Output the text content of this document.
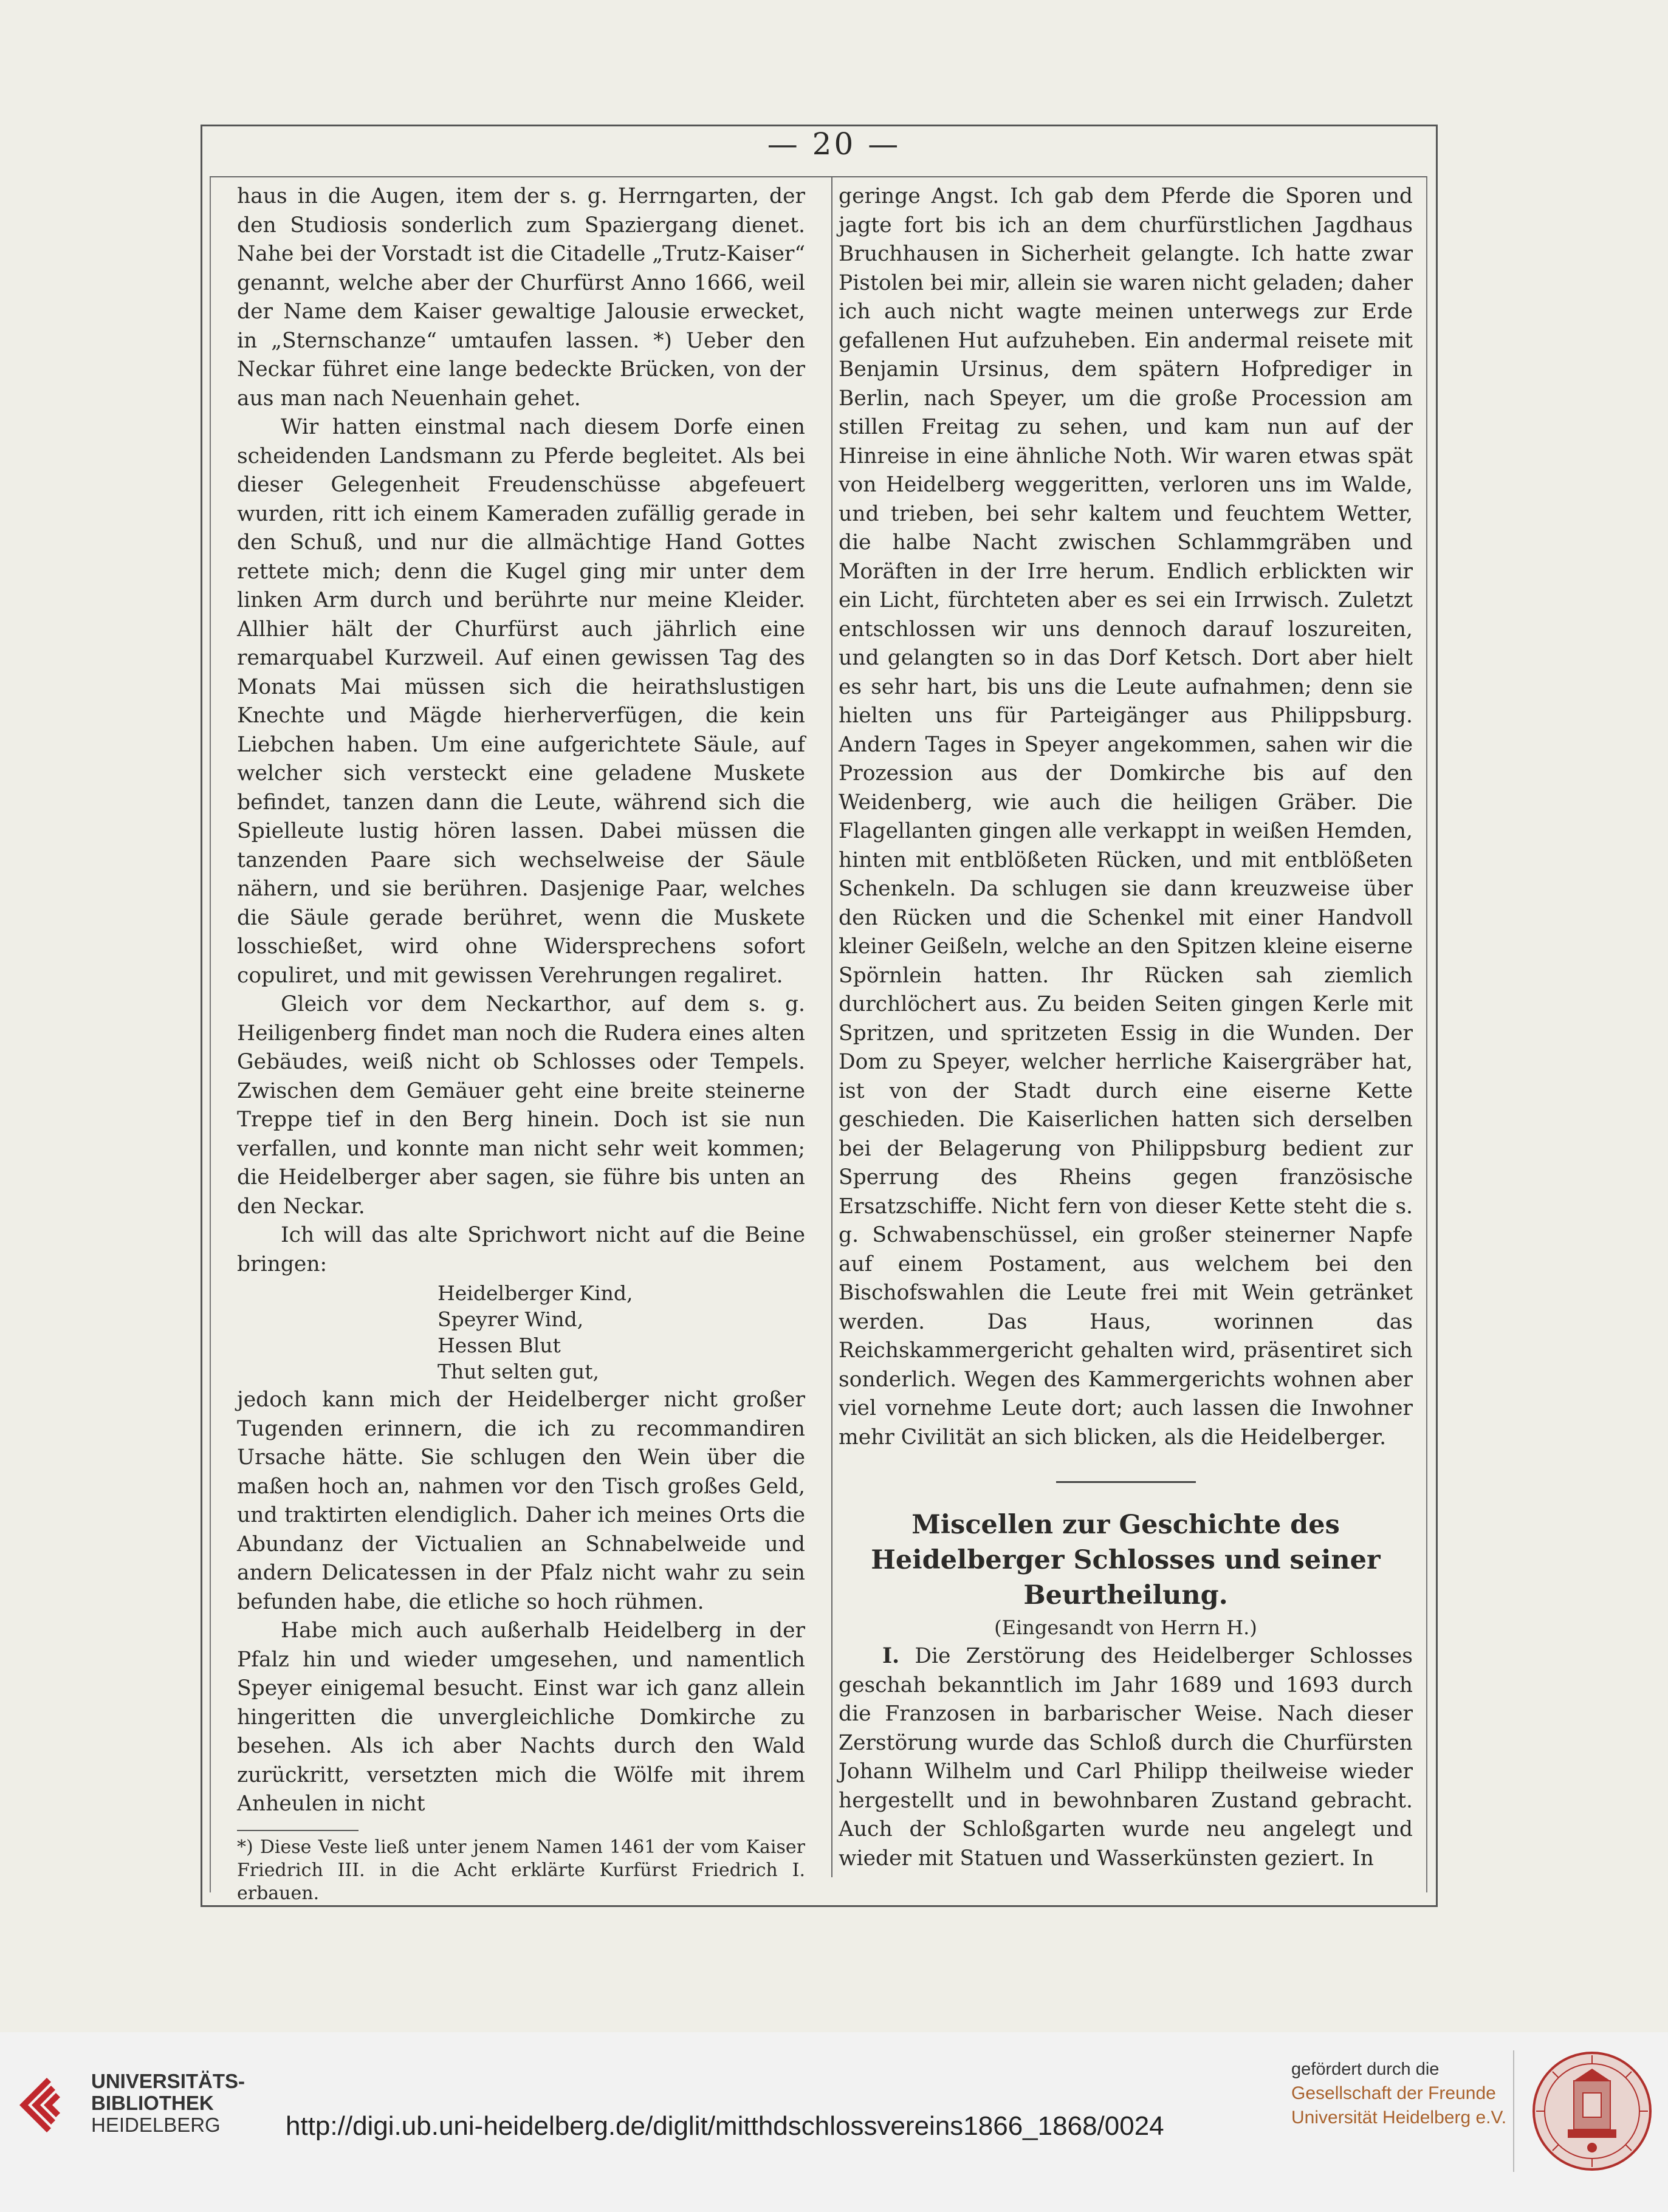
— 20 —

haus in die Augen, item der s. g. Herrngarten, der den Studiosis sonderlich zum Spaziergang dienet. Nahe bei der Vorstadt ist die Citadelle „Trutz-Kaiser“ genannt, welche aber der Churfürst Anno 1666, weil der Name dem Kaiser gewaltige Jalousie erwecket, in „Sternschanze“ umtaufen lassen. *) Ueber den Neckar führet eine lange bedeckte Brücken, von der aus man nach Neuenhain gehet.

Wir hatten einstmal nach diesem Dorfe einen scheidenden Landsmann zu Pferde begleitet. Als bei dieser Gelegenheit Freudenschüsse abgefeuert wurden, ritt ich einem Kameraden zufällig gerade in den Schuß, und nur die allmächtige Hand Gottes rettete mich; denn die Kugel ging mir unter dem linken Arm durch und berührte nur meine Kleider. Allhier hält der Churfürst auch jährlich eine remarquabel Kurzweil. Auf einen gewissen Tag des Monats Mai müssen sich die heirathslustigen Knechte und Mägde hierherverfügen, die kein Liebchen haben. Um eine aufgerichtete Säule, auf welcher sich versteckt eine geladene Muskete befindet, tanzen dann die Leute, während sich die Spielleute lustig hören lassen. Dabei müssen die tanzenden Paare sich wechselweise der Säule nähern, und sie berühren. Dasjenige Paar, welches die Säule gerade berühret, wenn die Muskete losschießet, wird ohne Widersprechens sofort copuliret, und mit gewissen Verehrungen regaliret.

Gleich vor dem Neckarthor, auf dem s. g. Heiligenberg findet man noch die Rudera eines alten Gebäudes, weiß nicht ob Schlosses oder Tempels. Zwischen dem Gemäuer geht eine breite steinerne Treppe tief in den Berg hinein. Doch ist sie nun verfallen, und konnte man nicht sehr weit kommen; die Heidelberger aber sagen, sie führe bis unten an den Neckar.

Ich will das alte Sprichwort nicht auf die Beine bringen:

Heidelberger Kind,
Speyrer Wind,
Hessen Blut
Thut selten gut,

jedoch kann mich der Heidelberger nicht großer Tugenden erinnern, die ich zu recommandiren Ursache hätte. Sie schlugen den Wein über die maßen hoch an, nahmen vor den Tisch großes Geld, und traktirten elendiglich. Daher ich meines Orts die Abundanz der Victualien an Schnabelweide und andern Delicatessen in der Pfalz nicht wahr zu sein befunden habe, die etliche so hoch rühmen.

Habe mich auch außerhalb Heidelberg in der Pfalz hin und wieder umgesehen, und namentlich Speyer einigemal besucht. Einst war ich ganz allein hingeritten die unvergleichliche Domkirche zu besehen. Als ich aber Nachts durch den Wald zurückritt, versetzten mich die Wölfe mit ihrem Anheulen in nicht

*) Diese Veste ließ unter jenem Namen 1461 der vom Kaiser Friedrich III. in die Acht erklärte Kurfürst Friedrich I. erbauen.

geringe Angst. Ich gab dem Pferde die Sporen und jagte fort bis ich an dem churfürstlichen Jagdhaus Bruchhausen in Sicherheit gelangte. Ich hatte zwar Pistolen bei mir, allein sie waren nicht geladen; daher ich auch nicht wagte meinen unterwegs zur Erde gefallenen Hut aufzuheben. Ein andermal reisete mit Benjamin Ursinus, dem spätern Hofprediger in Berlin, nach Speyer, um die große Procession am stillen Freitag zu sehen, und kam nun auf der Hinreise in eine ähnliche Noth. Wir waren etwas spät von Heidelberg weggeritten, verloren uns im Walde, und trieben, bei sehr kaltem und feuchtem Wetter, die halbe Nacht zwischen Schlammgräben und Moräften in der Irre herum. Endlich erblickten wir ein Licht, fürchteten aber es sei ein Irrwisch. Zuletzt entschlossen wir uns dennoch darauf loszureiten, und gelangten so in das Dorf Ketsch. Dort aber hielt es sehr hart, bis uns die Leute aufnahmen; denn sie hielten uns für Parteigänger aus Philippsburg. Andern Tages in Speyer angekommen, sahen wir die Prozession aus der Domkirche bis auf den Weidenberg, wie auch die heiligen Gräber. Die Flagellanten gingen alle verkappt in weißen Hemden, hinten mit entblößeten Rücken, und mit entblößeten Schenkeln. Da schlugen sie dann kreuzweise über den Rücken und die Schenkel mit einer Handvoll kleiner Geißeln, welche an den Spitzen kleine eiserne Spörnlein hatten. Ihr Rücken sah ziemlich durchlöchert aus. Zu beiden Seiten gingen Kerle mit Spritzen, und spritzeten Essig in die Wunden. Der Dom zu Speyer, welcher herrliche Kaisergräber hat, ist von der Stadt durch eine eiserne Kette geschieden. Die Kaiserlichen hatten sich derselben bei der Belagerung von Philippsburg bedient zur Sperrung des Rheins gegen französische Ersatzschiffe. Nicht fern von dieser Kette steht die s. g. Schwabenschüssel, ein großer steinerner Napfe auf einem Postament, aus welchem bei den Bischofswahlen die Leute frei mit Wein getränket werden. Das Haus, worinnen das Reichskammergericht gehalten wird, präsentiret sich sonderlich. Wegen des Kammergerichts wohnen aber viel vornehme Leute dort; auch lassen die Inwohner mehr Civilität an sich blicken, als die Heidelberger.

Miscellen zur Geschichte des Heidelberger Schlosses und seiner Beurtheilung.

(Eingesandt von Herrn H.)

I. Die Zerstörung des Heidelberger Schlosses geschah bekanntlich im Jahr 1689 und 1693 durch die Franzosen in barbarischer Weise. Nach dieser Zerstörung wurde das Schloß durch die Churfürsten Johann Wilhelm und Carl Philipp theilweise wieder hergestellt und in bewohnbaren Zustand gebracht. Auch der Schloßgarten wurde neu angelegt und wieder mit Statuen und Wasserkünsten geziert. In

UNIVERSITÄTS-
BIBLIOTHEK
HEIDELBERG	http://digi.ub.uni-heidelberg.de/diglit/mitthdschlossvereins1866_1868/0024
gefördert durch die
Gesellschaft der Freunde
Universität Heidelberg e.V.
